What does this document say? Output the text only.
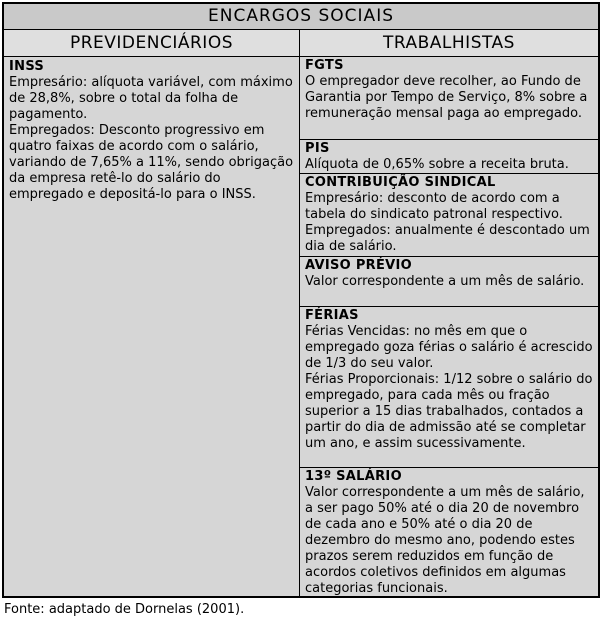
ENCARGOS SOCIAIS
PREVIDENCIÁRIOS	TRABALHISTAS
INSS

Empresário: alíquota variável, com máximo de 28,8%, sobre o total da folha de pagamento.

Empregados: Desconto progressivo em quatro faixas de acordo com o salário, variando de 7,65% a 11%, sendo obrigação da empresa retê-lo do salário do empregado e depositá-lo para o INSS.

FGTS

O empregador deve recolher, ao Fundo de Garantia por Tempo de Serviço, 8% sobre a remuneração mensal paga ao empregado.

PIS

Alíquota de 0,65% sobre a receita bruta.

CONTRIBUIÇÃO SINDICAL

Empresário: desconto de acordo com a tabela do sindicato patronal respectivo.

Empregados: anualmente é descontado um dia de salário.

AVISO PRÉVIO

Valor correspondente a um mês de salário.

FÉRIAS

Férias Vencidas: no mês em que o empregado goza férias o salário é acrescido de 1/3 do seu valor.

Férias Proporcionais: 1/12 sobre o salário do empregado, para cada mês ou fração superior a 15 dias trabalhados, contados a partir do dia de admissão até se completar um ano, e assim sucessivamente.

13º SALÁRIO

Valor correspondente a um mês de salário, a ser pago 50% até o dia 20 de novembro de cada ano e 50% até o dia 20 de dezembro do mesmo ano, podendo estes prazos serem reduzidos em função de acordos coletivos definidos em algumas categorias funcionais.

Fonte: adaptado de Dornelas (2001).
